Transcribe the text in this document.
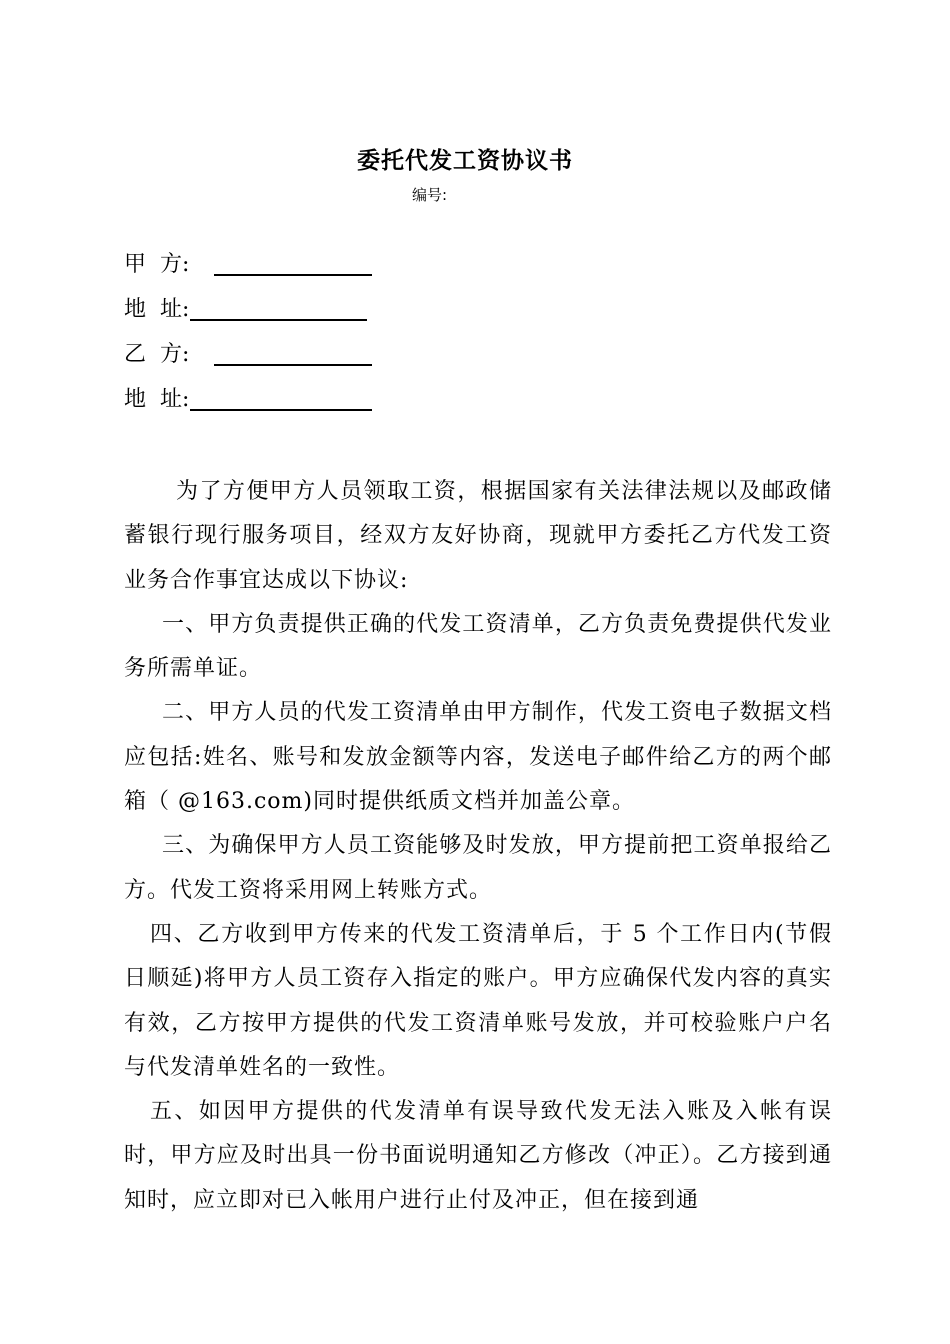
委托代发工资协议书
编号:
甲  方:
地  址:
乙  方:
地  址:

为了方便甲方人员领取工资，根据国家有关法律法规以及邮政储蓄银行现行服务项目，经双方友好协商，现就甲方委托乙方代发工资业务合作事宜达成以下协议:

一、甲方负责提供正确的代发工资清单，乙方负责免费提供代发业务所需单证。

二、甲方人员的代发工资清单由甲方制作，代发工资电子数据文档应包括:姓名、账号和发放金额等内容，发送电子邮件给乙方的两个邮箱（ @163.com)同时提供纸质文档并加盖公章。

三、为确保甲方人员工资能够及时发放，甲方提前把工资单报给乙方。代发工资将采用网上转账方式。

四、乙方收到甲方传来的代发工资清单后，于 5 个工作日内(节假日顺延)将甲方人员工资存入指定的账户。甲方应确保代发内容的真实有效，乙方按甲方提供的代发工资清单账号发放，并可校验账户户名与代发清单姓名的一致性。

五、如因甲方提供的代发清单有误导致代发无法入账及入帐有误时，甲方应及时出具一份书面说明通知乙方修改（冲正）。乙方接到通知时，应立即对已入帐用户进行止付及冲正，但在接到通
